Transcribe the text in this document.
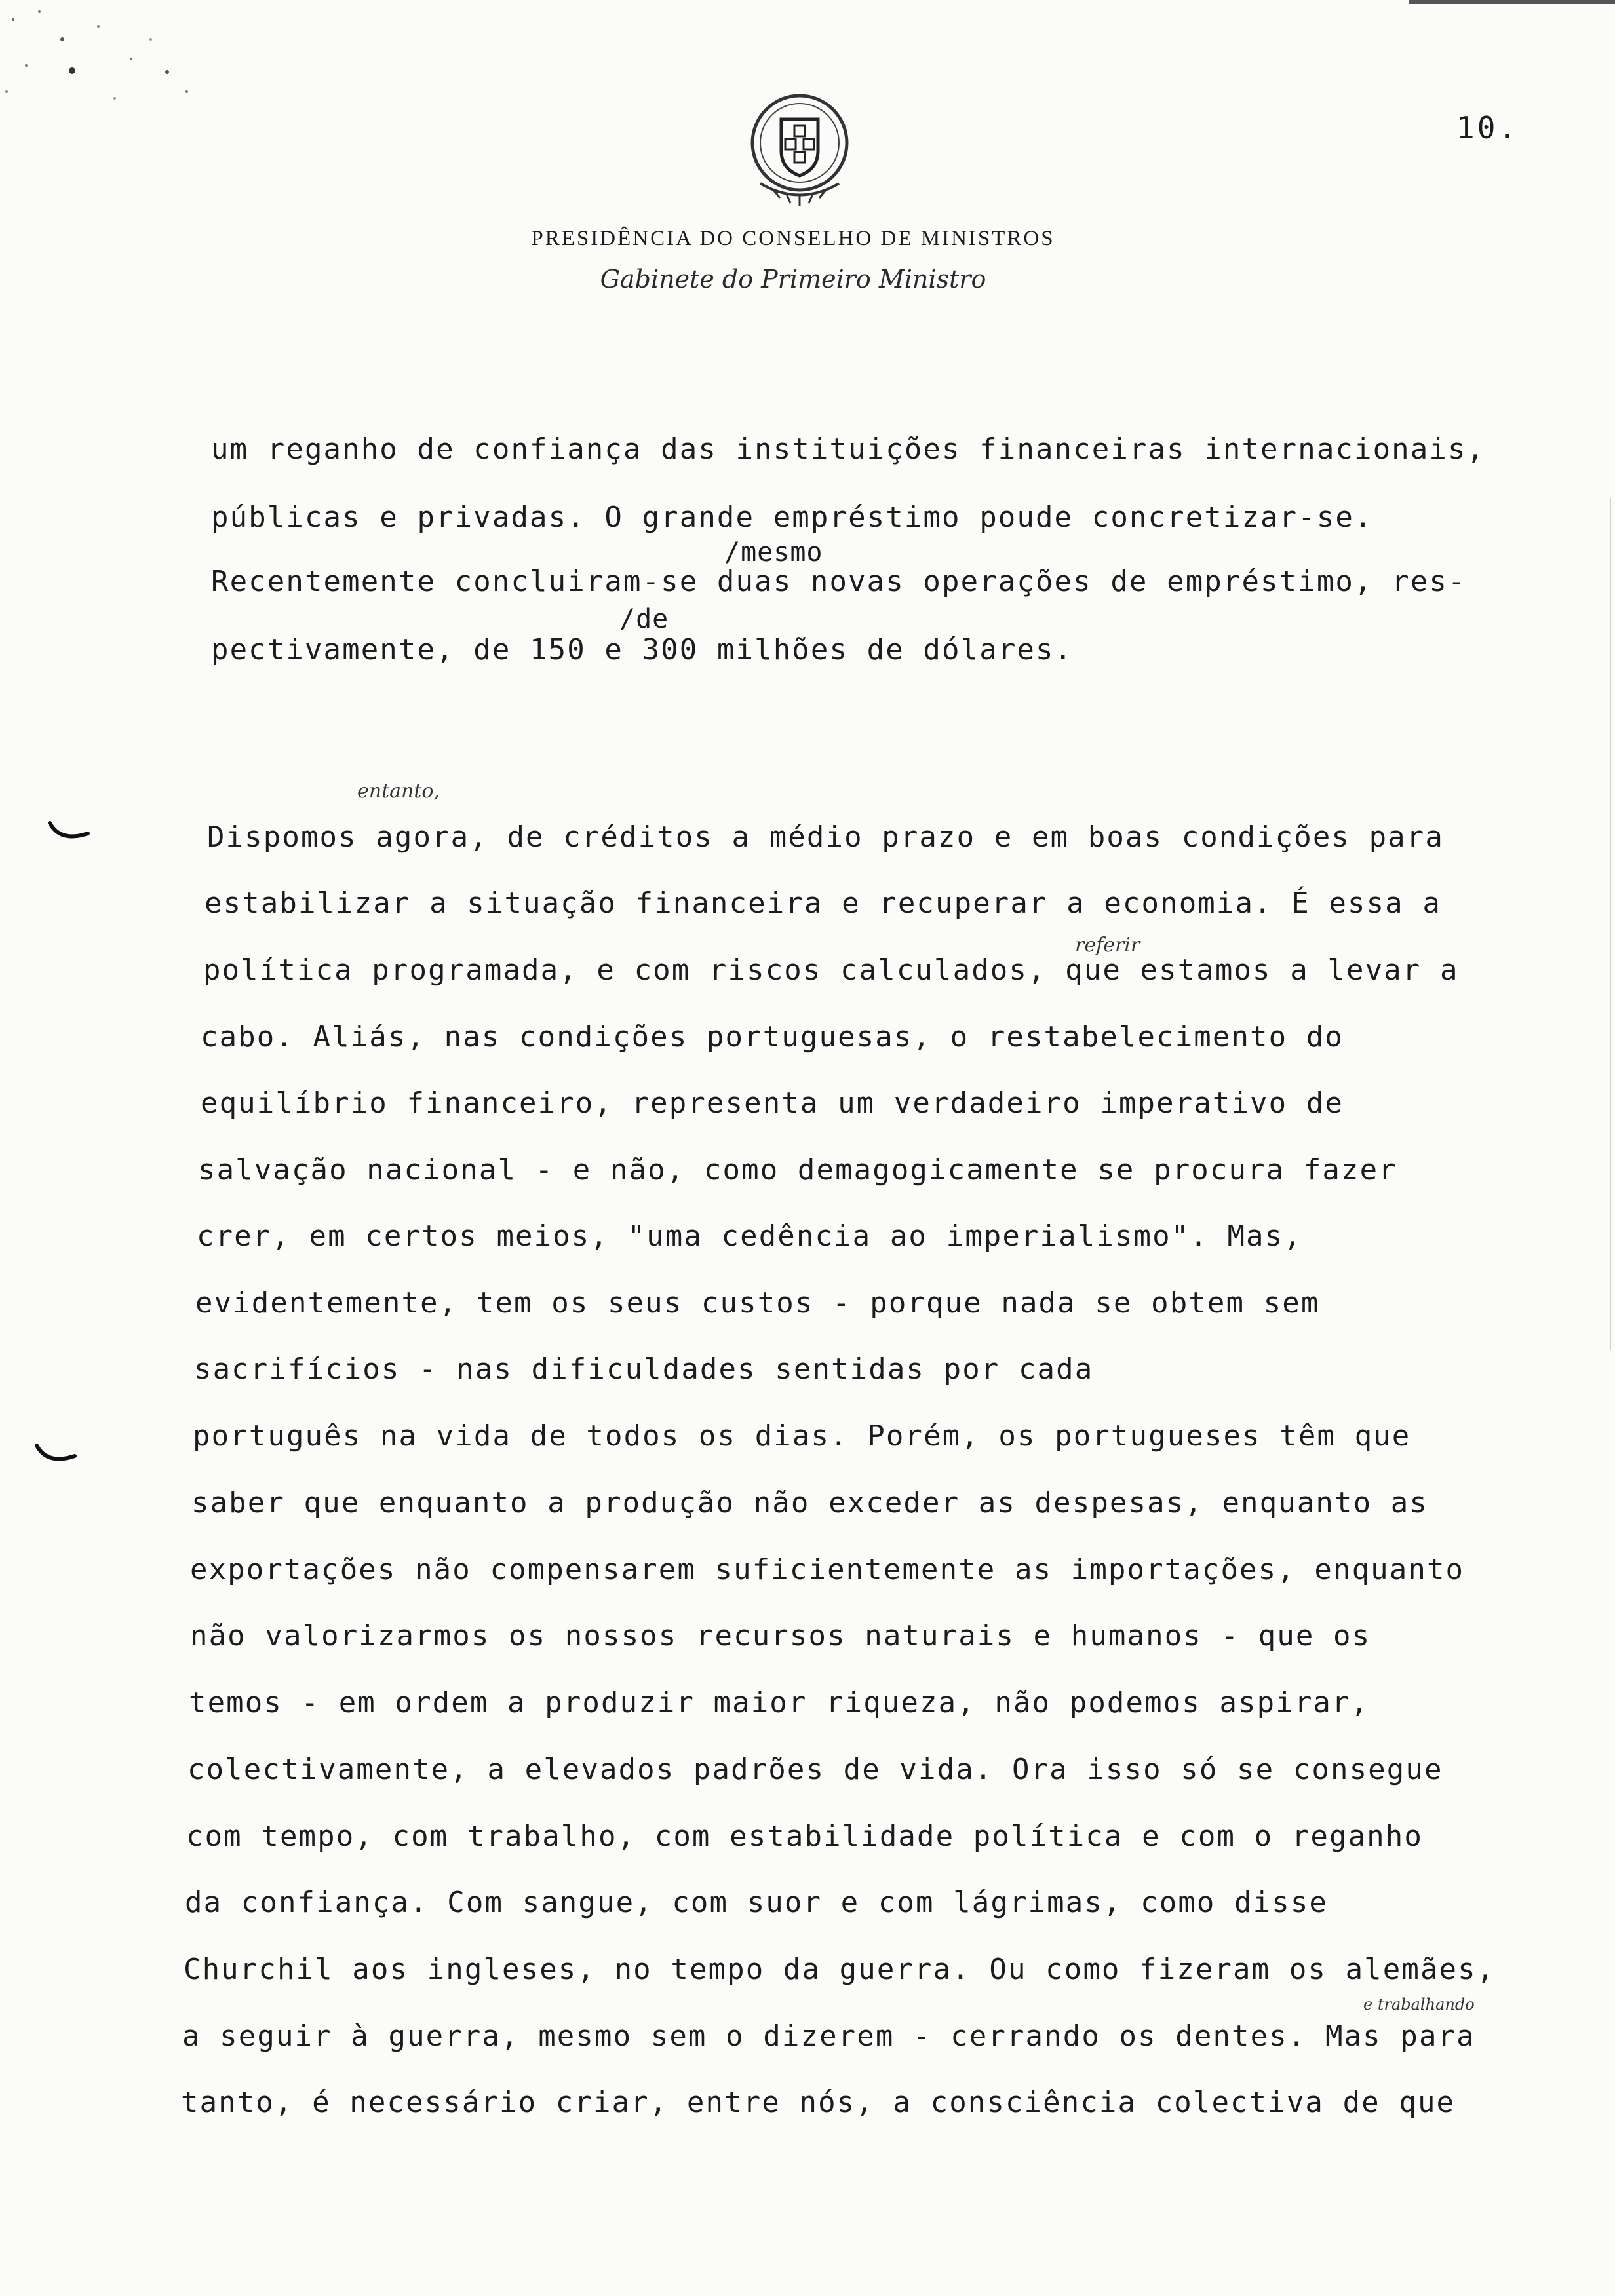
10.
PRESIDÊNCIA DO CONSELHO DE MINISTROS
Gabinete do Primeiro Ministro
um reganho de confiança das instituições financeiras internacionais,
públicas e privadas. O grande empréstimo poude concretizar-se.
/mesmo
Recentemente concluiram-se duas novas operações de empréstimo, res-
/de
pectivamente, de 150 e 300 milhões de dólares.
entanto,
referir
e trabalhando
Dispomos agora, de créditos a médio prazo e em boas condições para
estabilizar a situação financeira e recuperar a economia. É essa a
política programada, e com riscos calculados, que estamos a levar a
cabo. Aliás, nas condições portuguesas, o restabelecimento do
equilíbrio financeiro, representa um verdadeiro imperativo de
salvação nacional - e não, como demagogicamente se procura fazer
crer, em certos meios, "uma cedência ao imperialismo". Mas,
evidentemente, tem os seus custos - porque nada se obtem sem
sacrifícios - nas dificuldades sentidas por cada
português na vida de todos os dias. Porém, os portugueses têm que
saber que enquanto a produção não exceder as despesas, enquanto as
exportações não compensarem suficientemente as importações, enquanto
não valorizarmos os nossos recursos naturais e humanos - que os
temos - em ordem a produzir maior riqueza, não podemos aspirar,
colectivamente, a elevados padrões de vida. Ora isso só se consegue
com tempo, com trabalho, com estabilidade política e com o reganho
da confiança. Com sangue, com suor e com lágrimas, como disse
Churchil aos ingleses, no tempo da guerra. Ou como fizeram os alemães,
a seguir à guerra, mesmo sem o dizerem - cerrando os dentes. Mas para
tanto, é necessário criar, entre nós, a consciência colectiva de que
